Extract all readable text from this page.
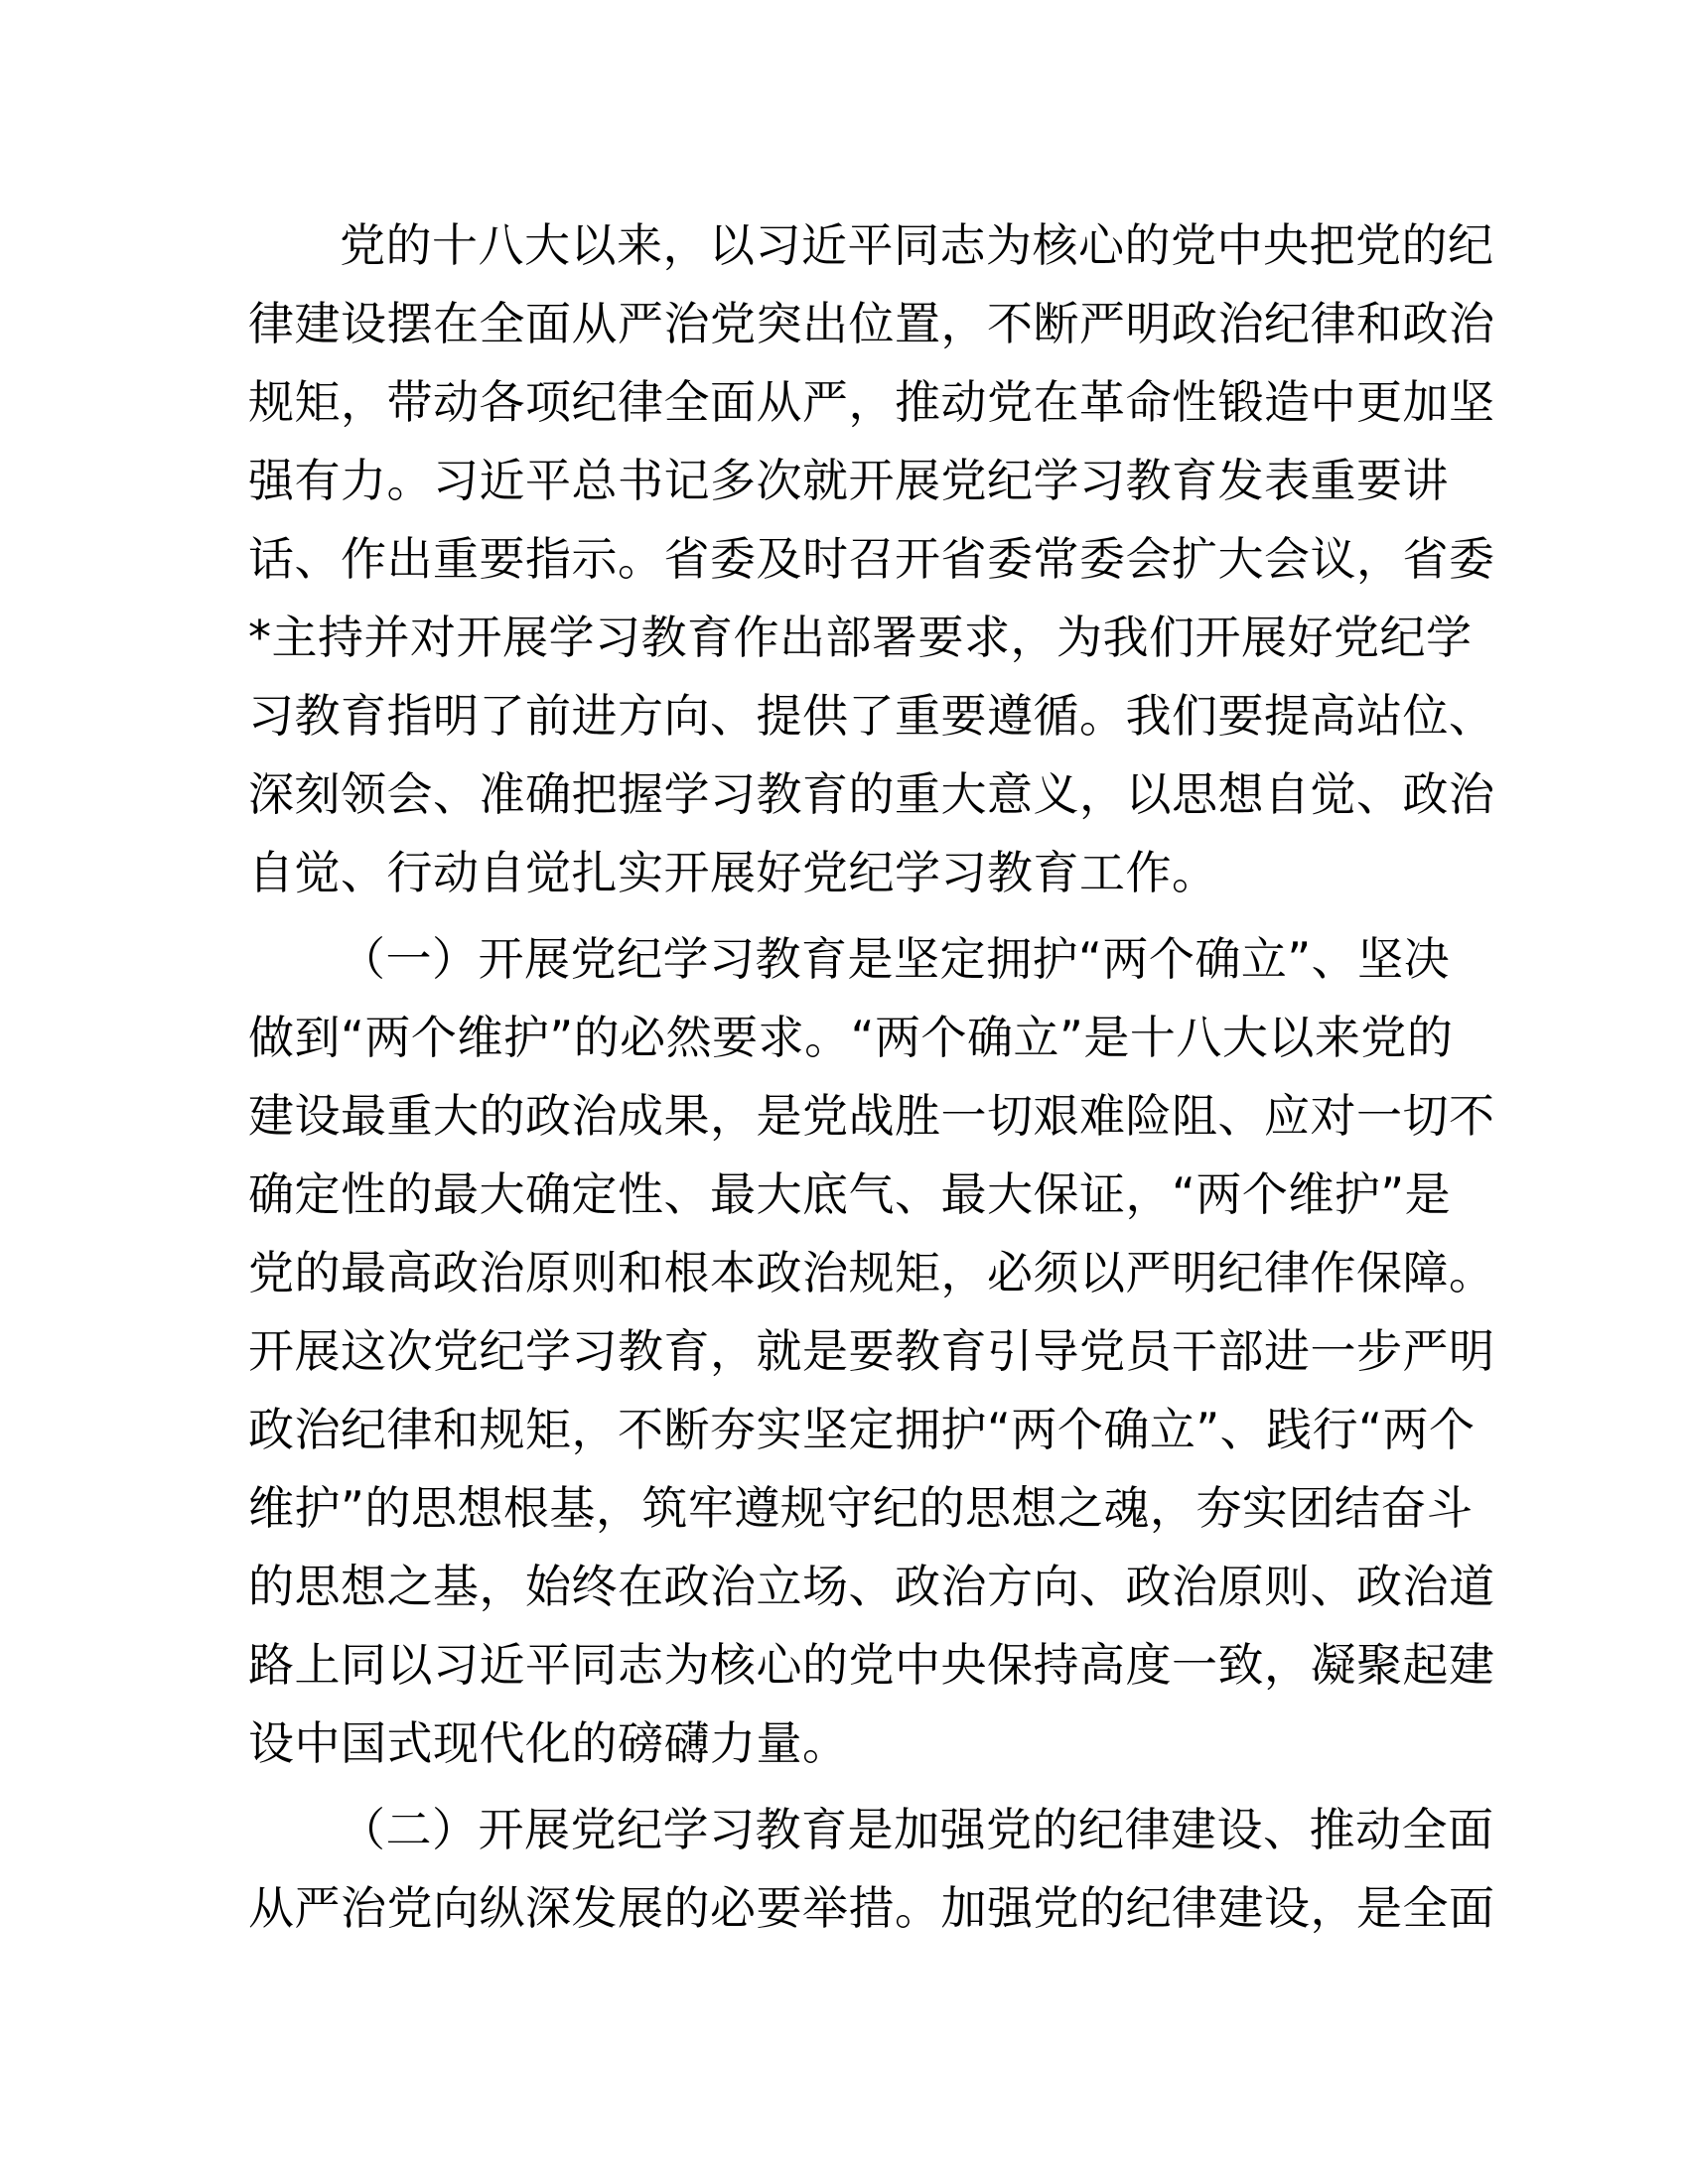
党的十八大以来，以习近平同志为核心的党中央把党的纪
律建设摆在全面从严治党突出位置，不断严明政治纪律和政治
规矩，带动各项纪律全面从严，推动党在革命性锻造中更加坚
强有力。习近平总书记多次就开展党纪学习教育发表重要讲
话、作出重要指示。省委及时召开省委常委会扩大会议，省委
*主持并对开展学习教育作出部署要求，为我们开展好党纪学
习教育指明了前进方向、提供了重要遵循。我们要提高站位、
深刻领会、准确把握学习教育的重大意义，以思想自觉、政治
自觉、行动自觉扎实开展好党纪学习教育工作。
（一）开展党纪学习教育是坚定拥护“两个确立”、坚决
做到“两个维护”的必然要求。“两个确立”是十八大以来党的
建设最重大的政治成果，是党战胜一切艰难险阻、应对一切不
确定性的最大确定性、最大底气、最大保证，“两个维护”是
党的最高政治原则和根本政治规矩，必须以严明纪律作保障。
开展这次党纪学习教育，就是要教育引导党员干部进一步严明
政治纪律和规矩，不断夯实坚定拥护“两个确立”、践行“两个
维护”的思想根基，筑牢遵规守纪的思想之魂，夯实团结奋斗
的思想之基，始终在政治立场、政治方向、政治原则、政治道
路上同以习近平同志为核心的党中央保持高度一致，凝聚起建
设中国式现代化的磅礴力量。
（二）开展党纪学习教育是加强党的纪律建设、推动全面
从严治党向纵深发展的必要举措。加强党的纪律建设，是全面
